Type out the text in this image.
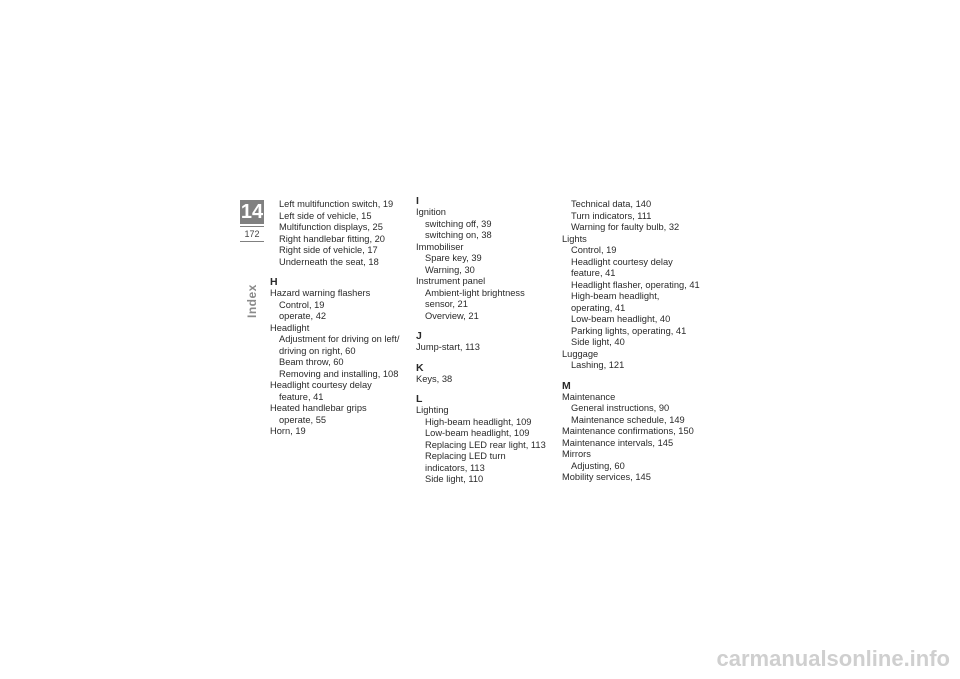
14
172
Index
Left multifunction switch, 19
Left side of vehicle, 15
Multifunction displays, 25
Right handlebar fitting, 20
Right side of vehicle, 17
Underneath the seat, 18
H
Hazard warning flashers
Control, 19
operate, 42
Headlight
Adjustment for driving on left/
driving on right, 60
Beam throw, 60
Removing and installing, 108
Headlight courtesy delay
feature, 41
Heated handlebar grips
operate, 55
Horn, 19
I
Ignition
switching off, 39
switching on, 38
Immobiliser
Spare key, 39
Warning, 30
Instrument panel
Ambient-light brightness
sensor, 21
Overview, 21
J
Jump-start, 113
K
Keys, 38
L
Lighting
High-beam headlight, 109
Low-beam headlight, 109
Replacing LED rear light, 113
Replacing LED turn
indicators, 113
Side light, 110
Technical data, 140
Turn indicators, 111
Warning for faulty bulb, 32
Lights
Control, 19
Headlight courtesy delay
feature, 41
Headlight flasher, operating, 41
High-beam headlight,
operating, 41
Low-beam headlight, 40
Parking lights, operating, 41
Side light, 40
Luggage
Lashing, 121
M
Maintenance
General instructions, 90
Maintenance schedule, 149
Maintenance confirmations, 150
Maintenance intervals, 145
Mirrors
Adjusting, 60
Mobility services, 145
carmanualsonline.info
